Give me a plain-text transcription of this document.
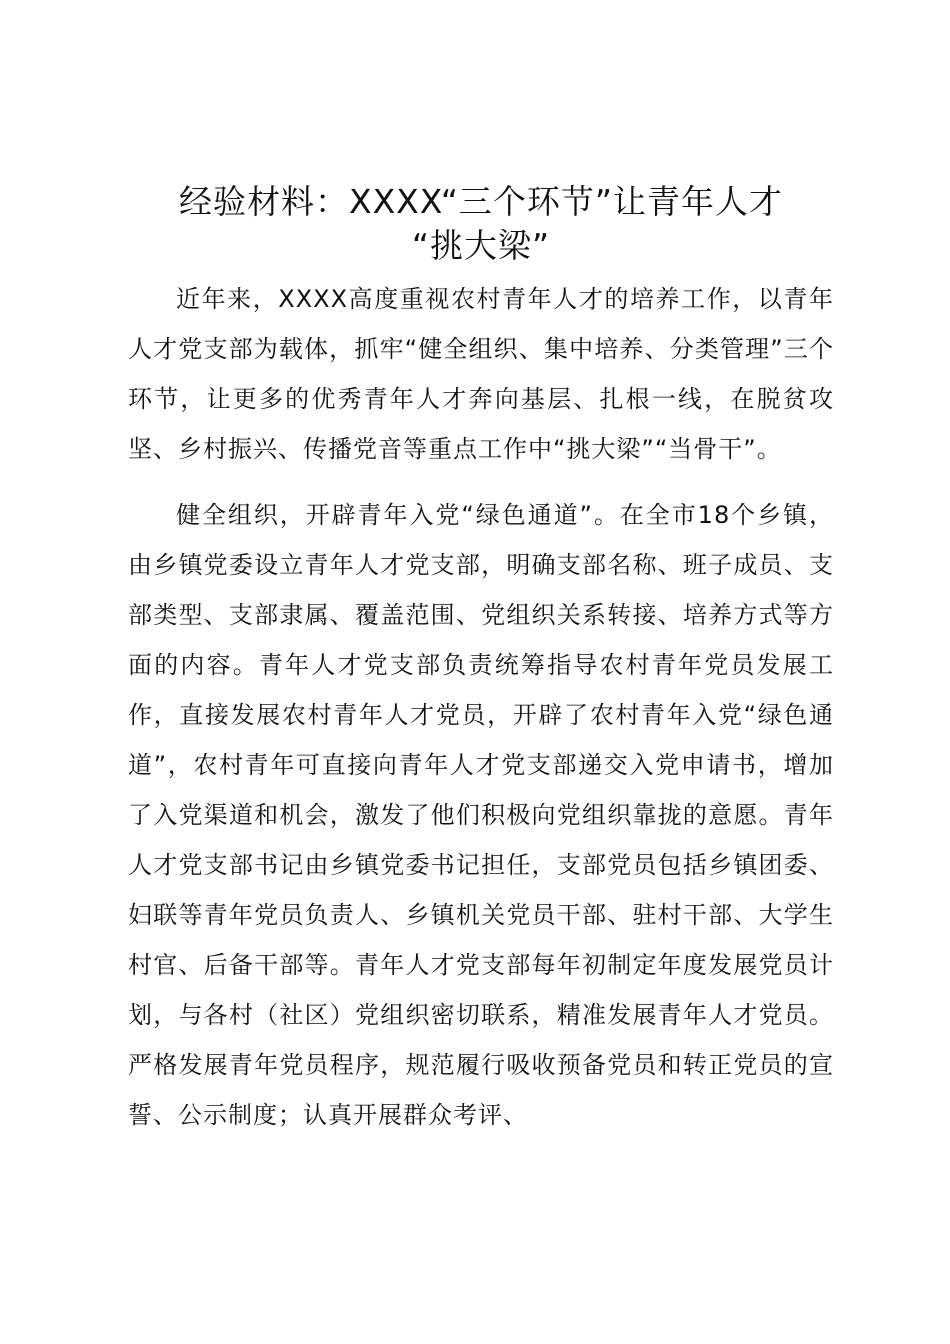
经验材料：XXXX“三个环节”让青年人才
“挑大梁”

近年来，XXXX高度重视农村青年人才的培养工作，以青年人才党支部为载体，抓牢“健全组织、集中培养、分类管理”三个环节，让更多的优秀青年人才奔向基层、扎根一线，在脱贫攻坚、乡村振兴、传播党音等重点工作中“挑大梁”“当骨干”。

健全组织，开辟青年入党“绿色通道”。在全市18个乡镇，由乡镇党委设立青年人才党支部，明确支部名称、班子成员、支部类型、支部隶属、覆盖范围、党组织关系转接、培养方式等方面的内容。青年人才党支部负责统筹指导农村青年党员发展工作，直接发展农村青年人才党员，开辟了农村青年入党“绿色通道”，农村青年可直接向青年人才党支部递交入党申请书，增加了入党渠道和机会，激发了他们积极向党组织靠拢的意愿。青年人才党支部书记由乡镇党委书记担任，支部党员包括乡镇团委、妇联等青年党员负责人、乡镇机关党员干部、驻村干部、大学生村官、后备干部等。青年人才党支部每年初制定年度发展党员计划，与各村（社区）党组织密切联系，精准发展青年人才党员。严格发展青年党员程序，规范履行吸收预备党员和转正党员的宣誓、公示制度；认真开展群众考评、
